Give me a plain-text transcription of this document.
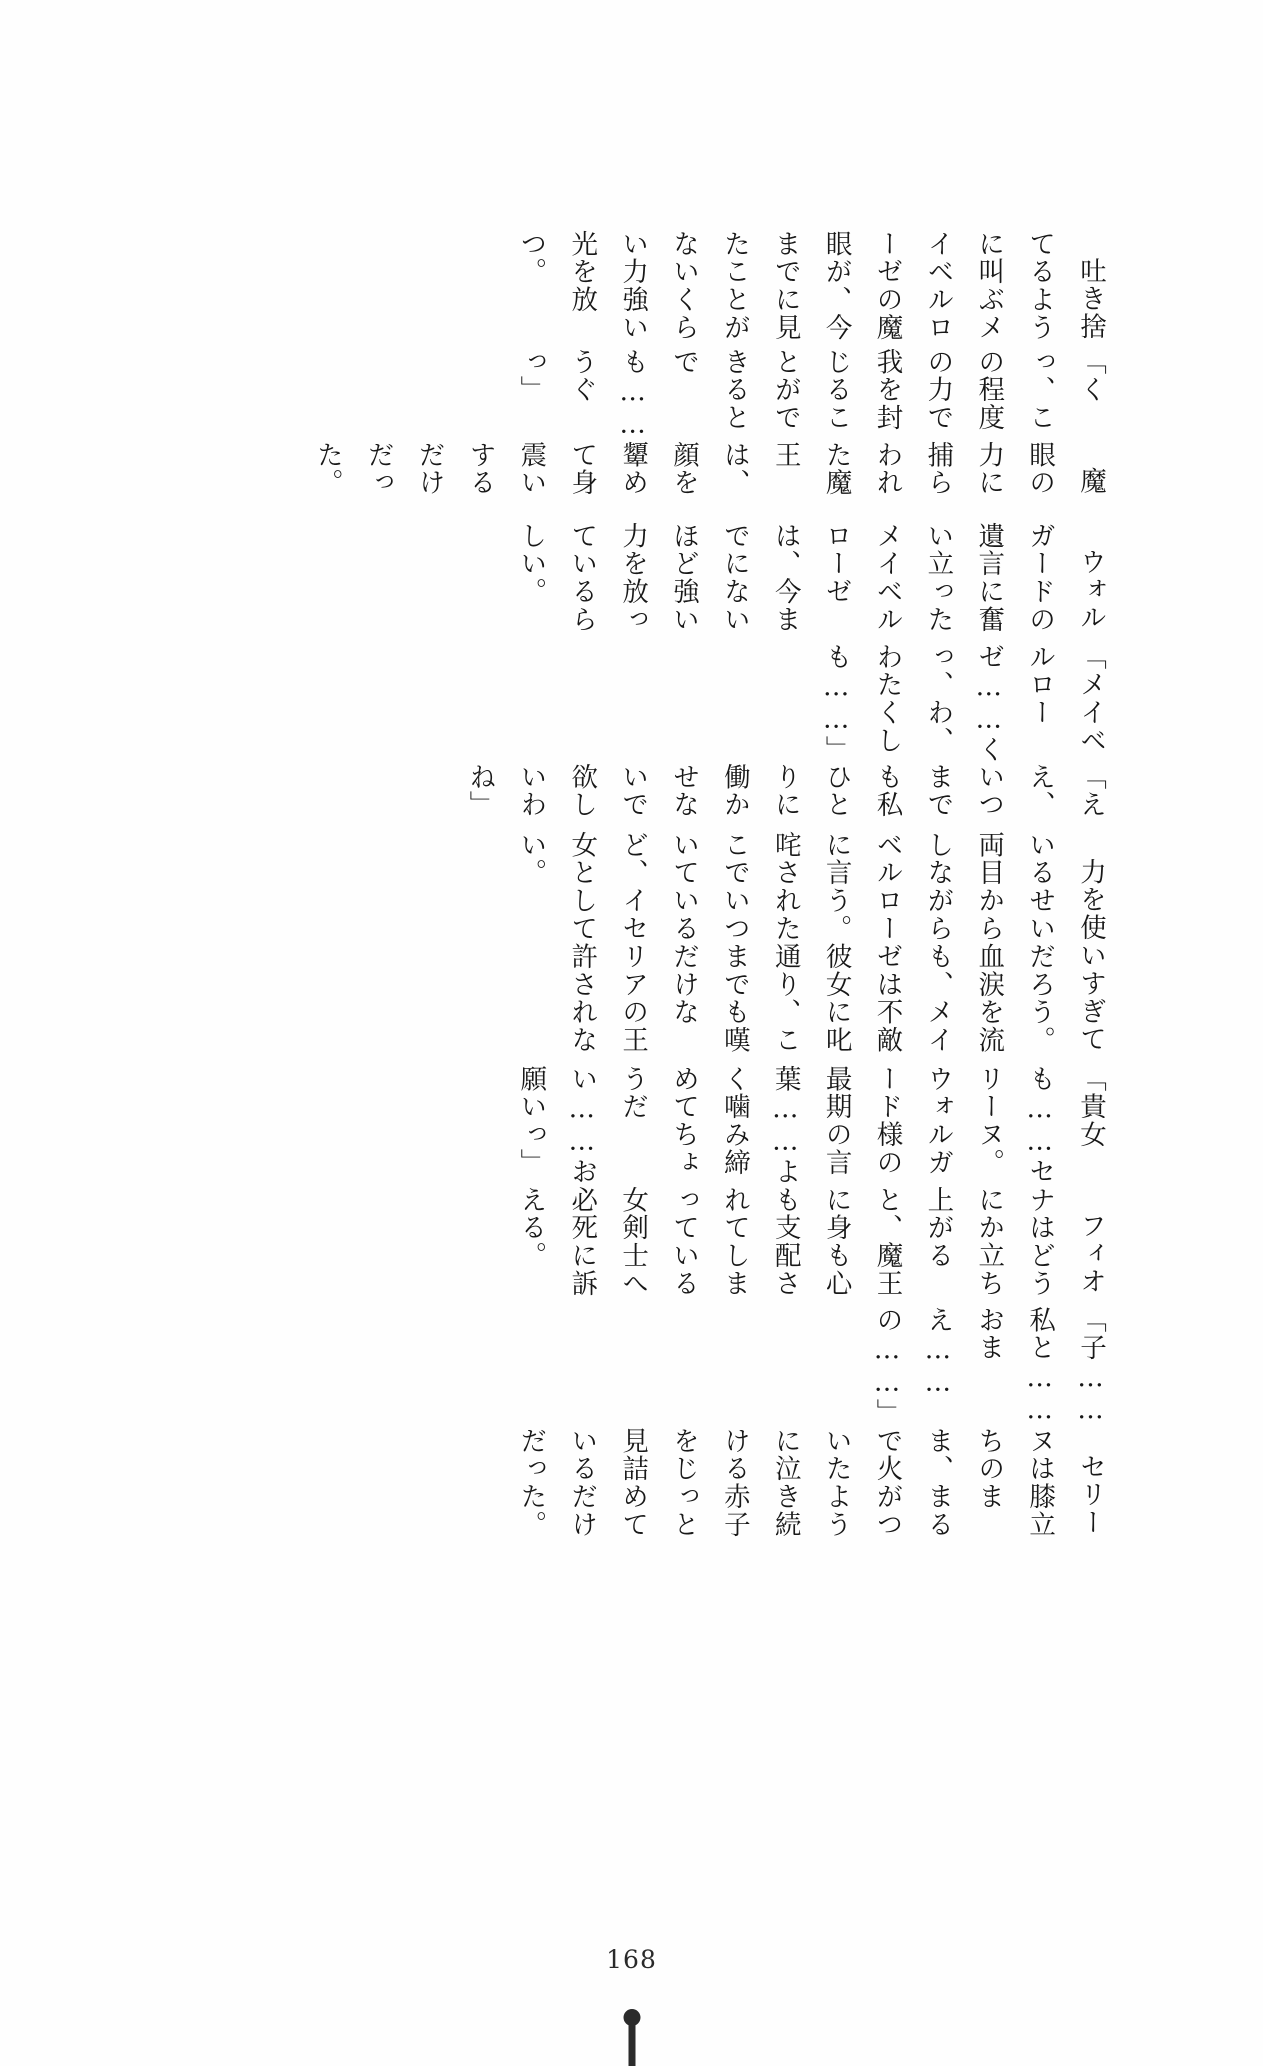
吐き捨てるように叫ぶメイベルローゼの魔眼が、今までに見たことがないくらい力強い光を放つ。

「くっ、この程度の力で我を封じることができるとでも……うぐっ」

魔眼の力に捕らわれた魔王は、顔を顰めて身震いするだけだった。

ウォルガードの遺言に奮い立ったメイベルローゼは、今までにないほど強い力を放っているらしい。

「メイベルローゼ……くっ、わ、わたくしも……」

「ええ、いつまでも私ひとりに働かせないで欲しいわね」

力を使いすぎているせいだろう。両目から血涙を流しながらも、メイベルローゼは不敵に言う。彼女に叱咤された通り、ここでいつまでも嘆いているだけなど、イセリアの王女として許されない。

「貴女も……セリーヌ。ウォルガード様の最期の言葉……よく噛み締めてちょうだい……お願いっ」

フィオナはどうにか立ち上がると、魔王に身も心も支配されてしまっている女剣士へ必死に訴える。

「子……私と……おまえ……の……」

セリーヌは膝立ちのまま、まるで火がついたように泣き続ける赤子をじっと見詰めているだけだった。

168
